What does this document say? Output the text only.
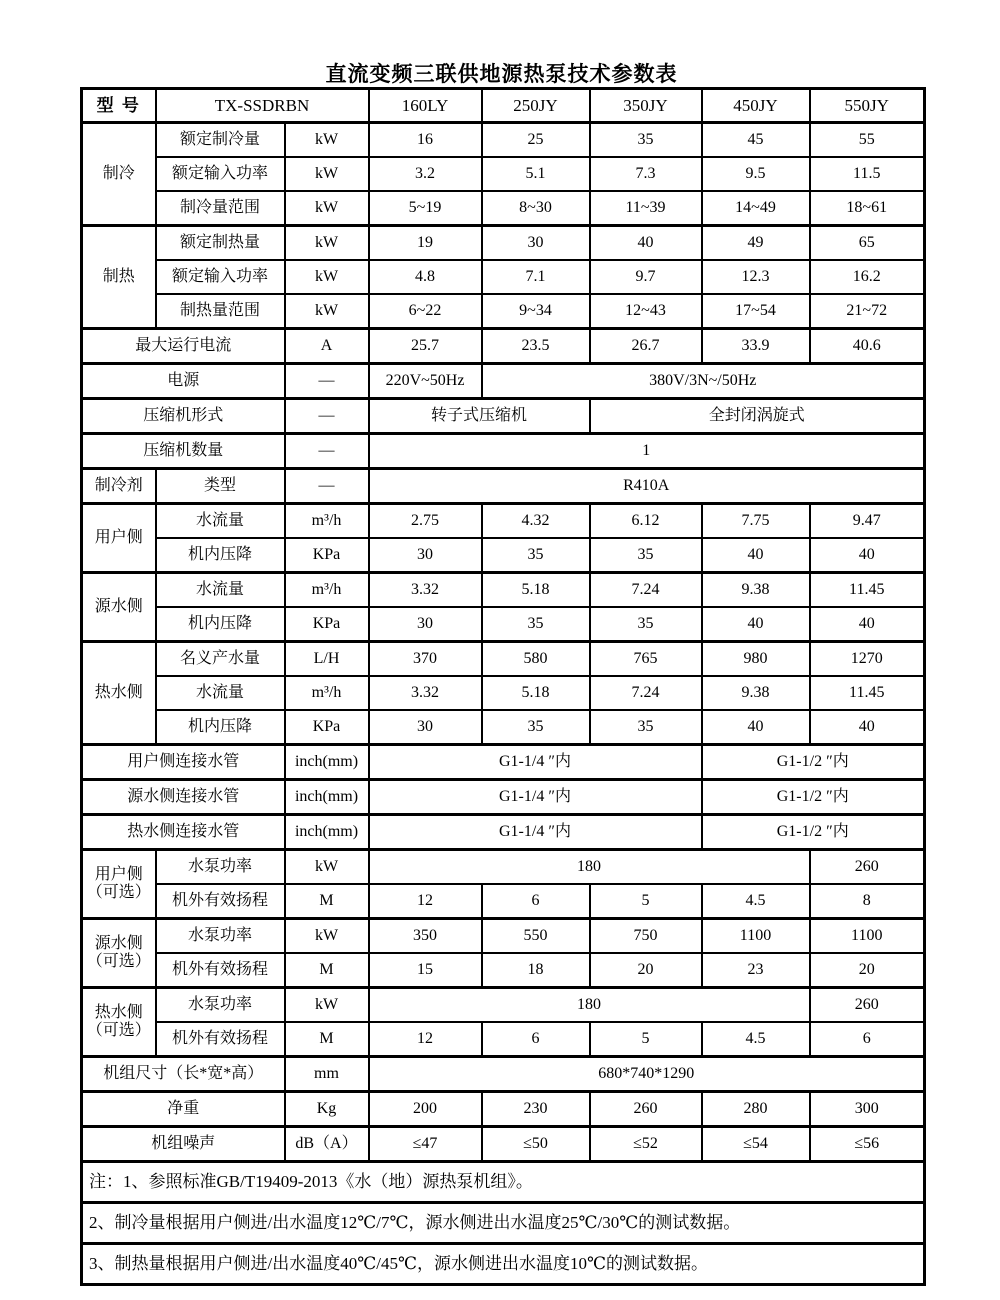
直流变频三联供地源热泵技术参数表
型 号	TX-SSDRBN		160LY	250JY	350JY	450JY	550JY
制冷	额定制冷量	kW	16	25	35	45	55
	额定输入功率	kW	3.2	5.1	7.3	9.5	11.5
	制冷量范围	kW	5~19	8~30	11~39	14~49	18~61
制热	额定制热量	kW	19	30	40	49	65
	额定输入功率	kW	4.8	7.1	9.7	12.3	16.2
	制热量范围	kW	6~22	9~34	12~43	17~54	21~72
最大运行电流		A	25.7	23.5	26.7	33.9	40.6
电源		—	220V~50Hz	380V/3N~/50Hz			
压缩机形式		—	转子式压缩机		全封闭涡旋式		
压缩机数量		—	1				
制冷剂	类型	—	R410A				
用户侧	水流量	m³/h	2.75	4.32	6.12	7.75	9.47
	机内压降	KPa	30	35	35	40	40
源水侧	水流量	m³/h	3.32	5.18	7.24	9.38	11.45
	机内压降	KPa	30	35	35	40	40
热水侧	名义产水量	L/H	370	580	765	980	1270
	水流量	m³/h	3.32	5.18	7.24	9.38	11.45
	机内压降	KPa	30	35	35	40	40
用户侧连接水管		inch(mm)	G1-1/4 ″内			G1-1/2 ″内	
源水侧连接水管		inch(mm)	G1-1/4 ″内			G1-1/2 ″内	
热水侧连接水管		inch(mm)	G1-1/4 ″内			G1-1/2 ″内	

用户侧
（可选）	水泵功率	kW	180				260
	机外有效扬程	M	12	6	5	4.5	8

源水侧
（可选）	水泵功率	kW	350	550	750	1100	1100
	机外有效扬程	M	15	18	20	23	20

热水侧
（可选）	水泵功率	kW	180				260
	机外有效扬程	M	12	6	5	4.5	6
机组尺寸（长*宽*高）		mm	680*740*1290				
净重		Kg	200	230	260	280	300
机组噪声		dB（A）	≤47	≤50	≤52	≤54	≤56
注：1、参照标准GB/T19409-2013《水（地）源热泵机组》。							
2、制冷量根据用户侧进/出水温度12℃/7℃，源水侧进出水温度25℃/30℃的测试数据。							
3、制热量根据用户侧进/出水温度40℃/45℃，源水侧进出水温度10℃的测试数据。							
